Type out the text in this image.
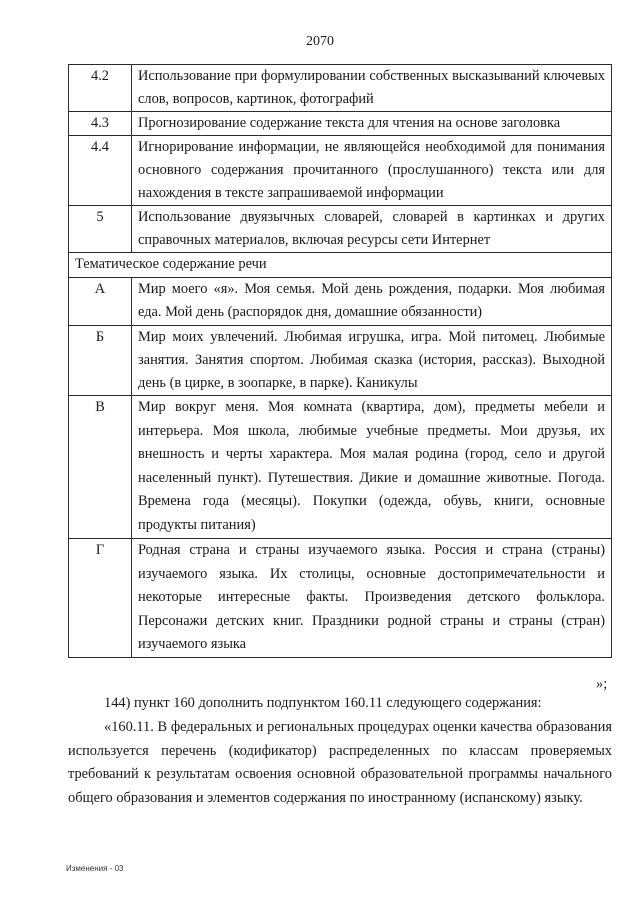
2070
4.2	Использование при формулировании собственных высказываний ключевых слов, вопросов, картинок, фотографий
4.3	Прогнозирование содержание текста для чтения на основе заголовка
4.4	Игнорирование информации, не являющейся необходимой для понимания основного содержания прочитанного (прослушанного) текста или для нахождения в тексте запрашиваемой информации
5	Использование двуязычных словарей, словарей в картинках и других справочных материалов, включая ресурсы сети Интернет
Тематическое содержание речи	
А	Мир моего «я». Моя семья. Мой день рождения, подарки. Моя любимая еда. Мой день (распорядок дня, домашние обязанности)
Б	Мир моих увлечений. Любимая игрушка, игра. Мой питомец. Любимые занятия. Занятия спортом. Любимая сказка (история, рассказ). Выходной день (в цирке, в зоопарке, в парке). Каникулы
В	Мир вокруг меня. Моя комната (квартира, дом), предметы мебели и интерьера. Моя школа, любимые учебные предметы. Мои друзья, их внешность и черты характера. Моя малая родина (город, село и другой населенный пункт). Путешествия. Дикие и домашние животные. Погода. Времена года (месяцы). Покупки (одежда, обувь, книги, основные продукты питания)
Г	Родная страна и страны изучаемого языка. Россия и страна (страны) изучаемого языка. Их столицы, основные достопримечательности и некоторые интересные факты. Произведения детского фольклора. Персонажи детских книг. Праздники родной страны и страны (стран) изучаемого языка
»;
144) пункт 160 дополнить подпунктом 160.11 следующего содержания:
«160.11. В федеральных и региональных процедурах оценки качества образования используется перечень (кодификатор) распределенных по классам проверяемых требований к результатам освоения основной образовательной программы начального общего образования и элементов содержания по иностранному (испанскому) языку.
Изменения - 03
